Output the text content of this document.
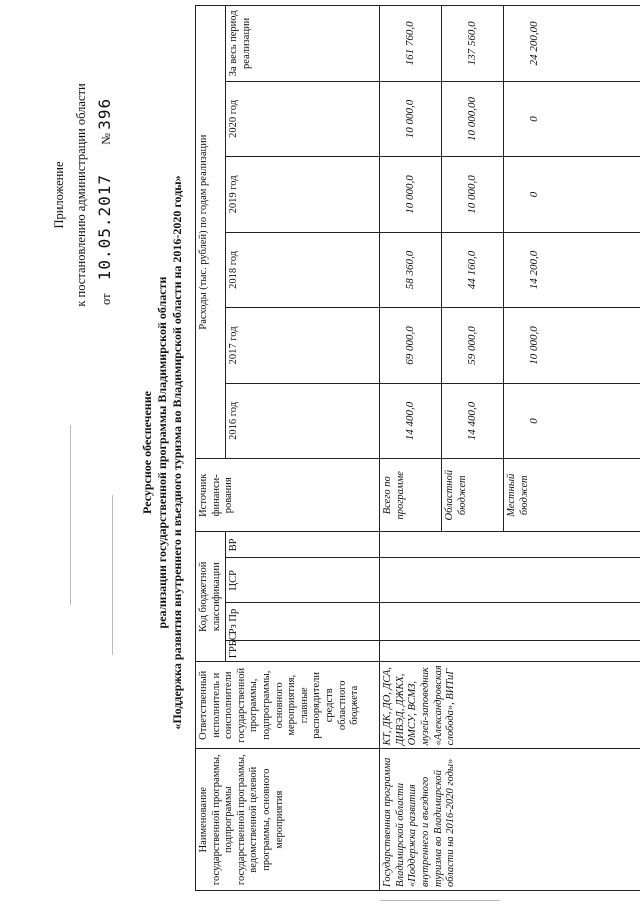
Приложение к постановлению администрации области от 10.05.2017 № 396
Ресурсное обеспечение реализации государственной программы Владимирской области «Поддержка развития внутреннего и въездного туризма во Владимирской области на 2016-2020 годы»
Наименование государственной программы, подпрограммы государственной программы, ведомственной целевой программы, основного мероприятия	Ответственный исполнитель и соисполнители государственной программы, подпрограммы, основного мероприятия, главные распорядители средств областного бюджета	Код бюджетной классификации				Источник финанси-рования	Расходы (тыс. рублей) по годам реализации					
		ГРБС	Рз Пр	ЦСР	ВР		2016 год	2017 год	2018 год	2019 год	2020 год	За весь период реализации
Государственная программа Владимирской области «Поддержка развития внутреннего и въездного туризма во Владимирской области на 2016-2020 годы»	КТ, ДК, ДО, ДСА, ДИВЭД, ДЖКХ, ОМСУ, ВСМЗ, музей-заповедник «Александровская слобода», ВИТиГ					Всего по программе	14 400,0	69 000,0	58 360,0	10 000,0	10 000,0	161 760,0
						Областной бюджет	14 400,0	59 000,0	44 160,0	10 000,0	10 000,00	137 560,0
						Местный бюджет	0	10 000,0	14 200,0	0	0	24 200,00
